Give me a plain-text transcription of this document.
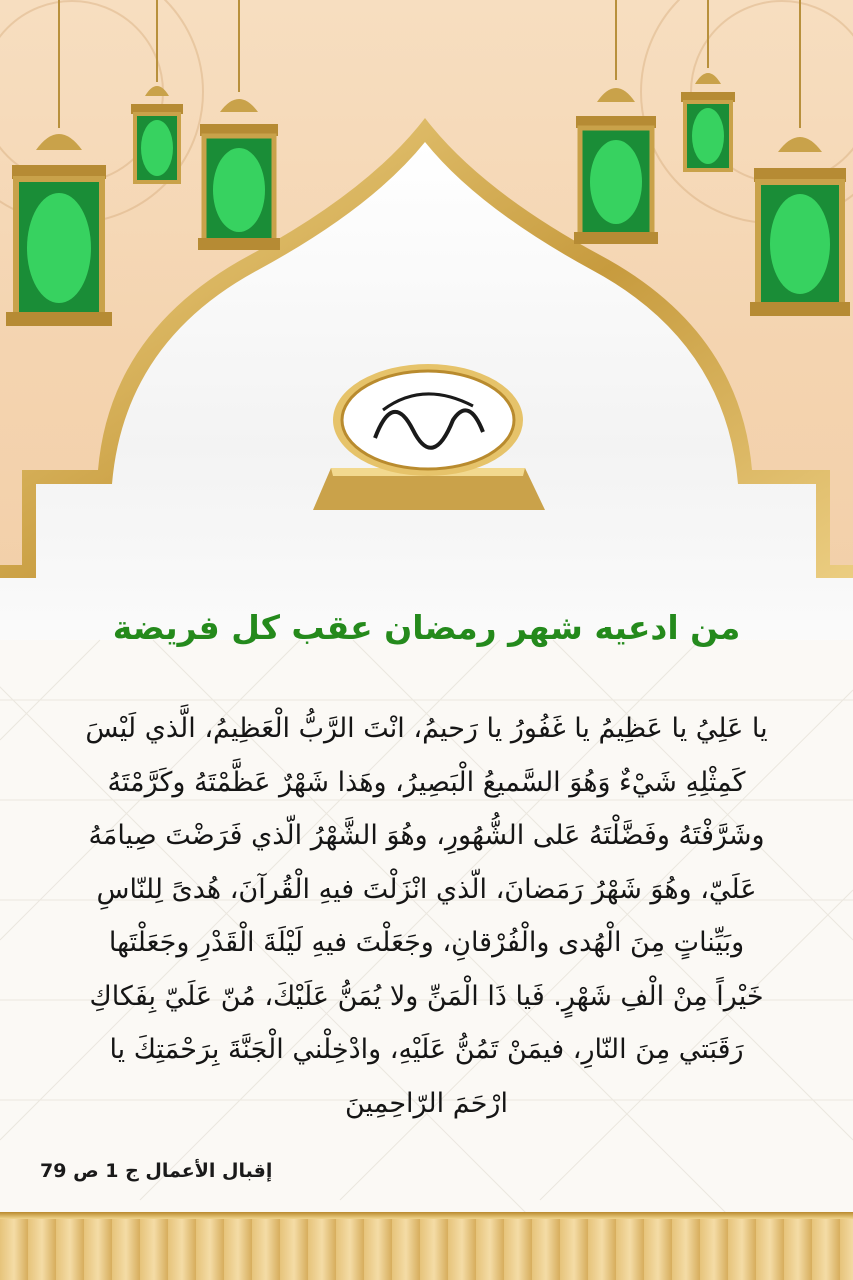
من ادعيه شهر رمضان عقب كل فريضة
يا عَلِيُ يا عَظِيمُ يا غَفُورُ يا رَحيمُ، انْتَ الرَّبُّ الْعَظِيمُ، الَّذي لَيْسَ
كَمِثْلِهِ شَيْءٌ وَهُوَ السَّميعُ الْبَصِيرُ، وهَذا شَهْرٌ عَظَّمْتَهُ وكَرَّمْتَهُ
وشَرَّفْتَهُ وفَضَّلْتَهُ عَلى الشُّهُورِ، وهُوَ الشَّهْرُ الّذي فَرَضْتَ صِيامَهُ
عَلَيّ، وهُوَ شَهْرُ رَمَضانَ، الّذي انْزَلْتَ فيهِ الْقُرآنَ، هُدىً لِلنّاسِ
وبَيِّناتٍ مِنَ الْهُدى والْفُرْقانِ، وجَعَلْتَ فيهِ لَيْلَةَ الْقَدْرِ وجَعَلْتَها
خَيْراً مِنْ الْفِ شَهْرٍ. فَيا ذَا الْمَنِّ ولا يُمَنُّ عَلَيْكَ، مُنّ عَلَيّ بِفَكاكِ
رَقَبَتي مِنَ النّارِ، فيمَنْ تَمُنُّ عَلَيْهِ، وادْخِلْني الْجَنَّةَ بِرَحْمَتِكَ يا
ارْحَمَ الرّاحِمِينَ
إقبال الأعمال ج 1 ص 79
